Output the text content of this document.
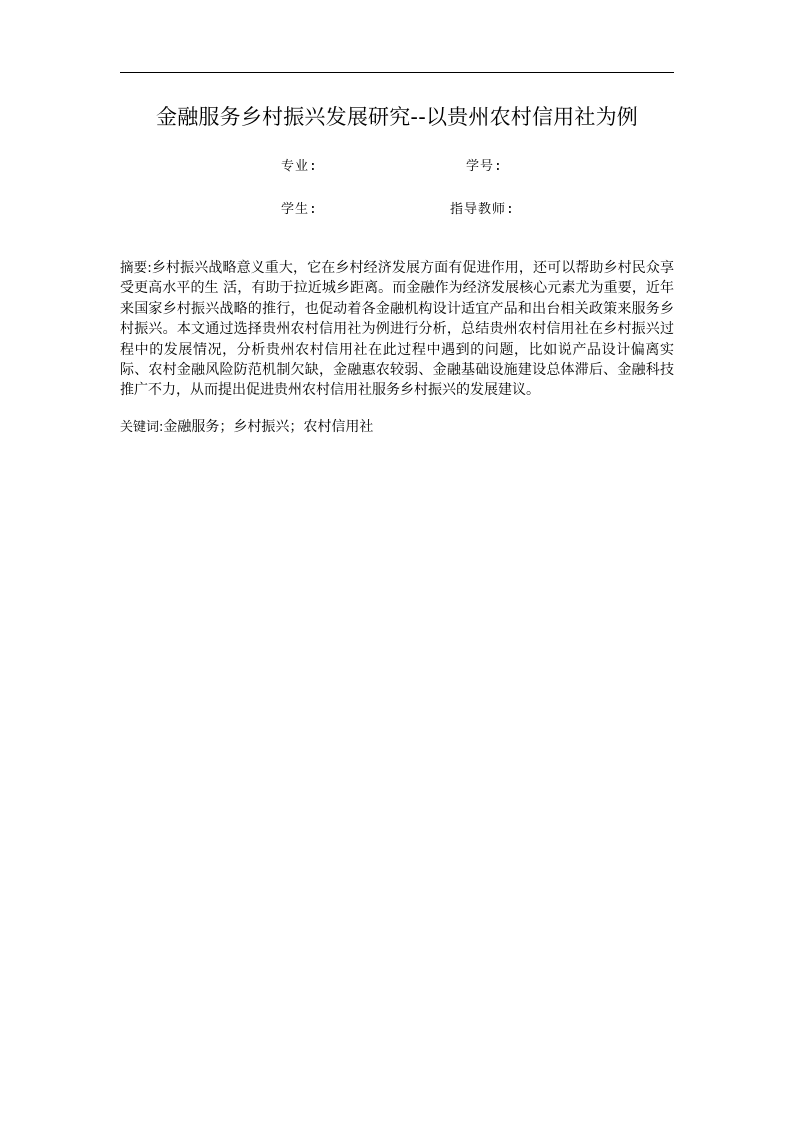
金融服务乡村振兴发展研究--以贵州农村信用社为例
专业:	学号:
学生:	指导教师:
摘要:乡村振兴战略意义重大，它在乡村经济发展方面有促进作用，还可以帮助乡村民众享受更高水平的生 活，有助于拉近城乡距离。而金融作为经济发展核心元素尤为重要，近年来国家乡村振兴战略的推行，也促动着各金融机构设计适宜产品和出台相关政策来服务乡村振兴。本文通过选择贵州农村信用社为例进行分析，总结贵州农村信用社在乡村振兴过程中的发展情况，分析贵州农村信用社在此过程中遇到的问题，比如说产品设计偏离实际、农村金融风险防范机制欠缺，金融惠农较弱、金融基础设施建设总体滞后、金融科技推广不力，从而提出促进贵州农村信用社服务乡村振兴的发展建议。
关键词:金融服务；乡村振兴；农村信用社
